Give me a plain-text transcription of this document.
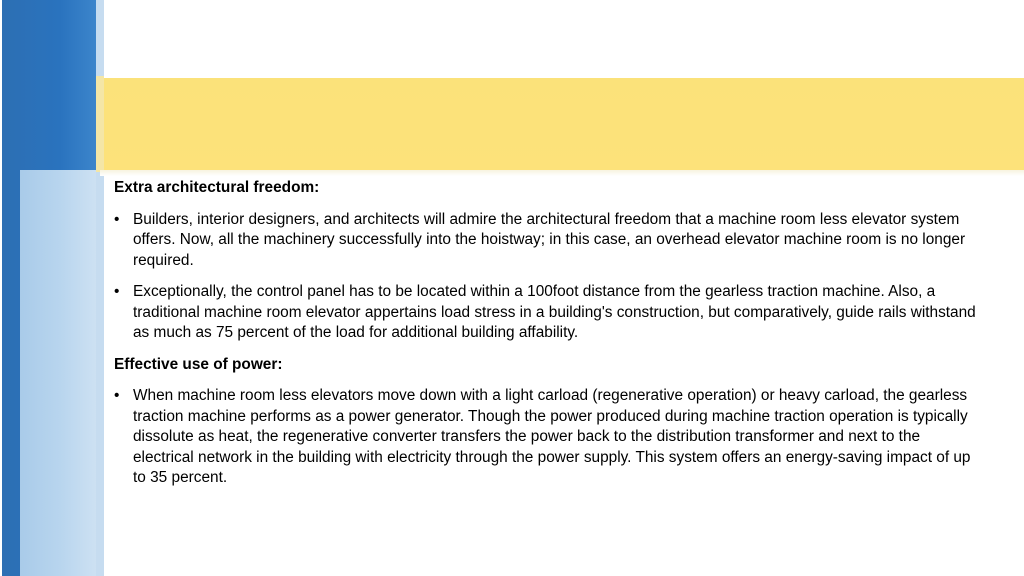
Extra architectural freedom:
• Builders, interior designers, and architects will admire the architectural freedom that a machine room less elevator system offers. Now, all the machinery successfully into the hoistway; in this case, an overhead elevator machine room is no longer required.
• Exceptionally, the control panel has to be located within a 100foot distance from the gearless traction machine. Also, a traditional machine room elevator appertains load stress in a building's construction, but comparatively, guide rails withstand as much as 75 percent of the load for additional building affability.
Effective use of power:
• When machine room less elevators move down with a light carload (regenerative operation) or heavy carload, the gearless traction machine performs as a power generator. Though the power produced during machine traction operation is typically dissolute as heat, the regenerative converter transfers the power back to the distribution transformer and next to the electrical network in the building with electricity through the power supply. This system offers an energy-saving impact of up to 35 percent.
